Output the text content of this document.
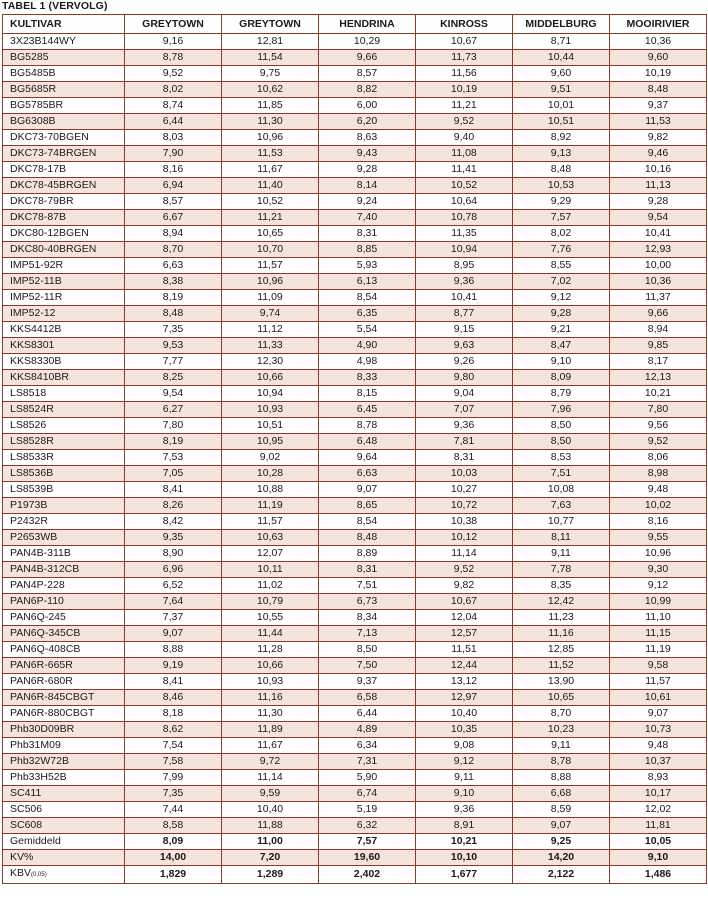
TABEL 1 (VERVOLG)
KULTIVAR	GREYTOWN	GREYTOWN	HENDRINA	KINROSS	MIDDELBURG	MOOIRIVIER
3X23B144WY	9,16	12,81	10,29	10,67	8,71	10,36
BG5285	8,78	11,54	9,66	11,73	10,44	9,60
BG5485B	9,52	9,75	8,57	11,56	9,60	10,19
BG5685R	8,02	10,62	8,82	10,19	9,51	8,48
BG5785BR	8,74	11,85	6,00	11,21	10,01	9,37
BG6308B	6,44	11,30	6,20	9,52	10,51	11,53
DKC73-70BGEN	8,03	10,96	8,63	9,40	8,92	9,82
DKC73-74BRGEN	7,90	11,53	9,43	11,08	9,13	9,46
DKC78-17B	8,16	11,67	9,28	11,41	8,48	10,16
DKC78-45BRGEN	6,94	11,40	8,14	10,52	10,53	11,13
DKC78-79BR	8,57	10,52	9,24	10,64	9,29	9,28
DKC78-87B	6,67	11,21	7,40	10,78	7,57	9,54
DKC80-12BGEN	8,94	10,65	8,31	11,35	8,02	10,41
DKC80-40BRGEN	8,70	10,70	8,85	10,94	7,76	12,93
IMP51-92R	6,63	11,57	5,93	8,95	8,55	10,00
IMP52-11B	8,38	10,96	6,13	9,36	7,02	10,36
IMP52-11R	8,19	11,09	8,54	10,41	9,12	11,37
IMP52-12	8,48	9,74	6,35	8,77	9,28	9,66
KKS4412B	7,35	11,12	5,54	9,15	9,21	8,94
KKS8301	9,53	11,33	4,90	9,63	8,47	9,85
KKS8330B	7,77	12,30	4,98	9,26	9,10	8,17
KKS8410BR	8,25	10,66	8,33	9,80	8,09	12,13
LS8518	9,54	10,94	8,15	9,04	8,79	10,21
LS8524R	6,27	10,93	6,45	7,07	7,96	7,80
LS8526	7,80	10,51	8,78	9,36	8,50	9,56
LS8528R	8,19	10,95	6,48	7,81	8,50	9,52
LS8533R	7,53	9,02	9,64	8,31	8,53	8,06
LS8536B	7,05	10,28	6,63	10,03	7,51	8,98
LS8539B	8,41	10,88	9,07	10,27	10,08	9,48
P1973B	8,26	11,19	8,65	10,72	7,63	10,02
P2432R	8,42	11,57	8,54	10,38	10,77	8,16
P2653WB	9,35	10,63	8,48	10,12	8,11	9,55
PAN4B-311B	8,90	12,07	8,89	11,14	9,11	10,96
PAN4B-312CB	6,96	10,11	8,31	9,52	7,78	9,30
PAN4P-228	6,52	11,02	7,51	9,82	8,35	9,12
PAN6P-110	7,64	10,79	6,73	10,67	12,42	10,99
PAN6Q-245	7,37	10,55	8,34	12,04	11,23	11,10
PAN6Q-345CB	9,07	11,44	7,13	12,57	11,16	11,15
PAN6Q-408CB	8,88	11,28	8,50	11,51	12,85	11,19
PAN6R-665R	9,19	10,66	7,50	12,44	11,52	9,58
PAN6R-680R	8,41	10,93	9,37	13,12	13,90	11,57
PAN6R-845CBGT	8,46	11,16	6,58	12,97	10,65	10,61
PAN6R-880CBGT	8,18	11,30	6,44	10,40	8,70	9,07
Phb30D09BR	8,62	11,89	4,89	10,35	10,23	10,73
Phb31M09	7,54	11,67	6,34	9,08	9,11	9,48
Phb32W72B	7,58	9,72	7,31	9,12	8,78	10,37
Phb33H52B	7,99	11,14	5,90	9,11	8,88	8,93
SC411	7,35	9,59	6,74	9,10	6,68	10,17
SC506	7,44	10,40	5,19	9,36	8,59	12,02
SC608	8,58	11,88	6,32	8,91	9,07	11,81
Gemiddeld	8,09	11,00	7,57	10,21	9,25	10,05
KV%	14,00	7,20	19,60	10,10	14,20	9,10
KBV(0,05)	1,829	1,289	2,402	1,677	2,122	1,486
